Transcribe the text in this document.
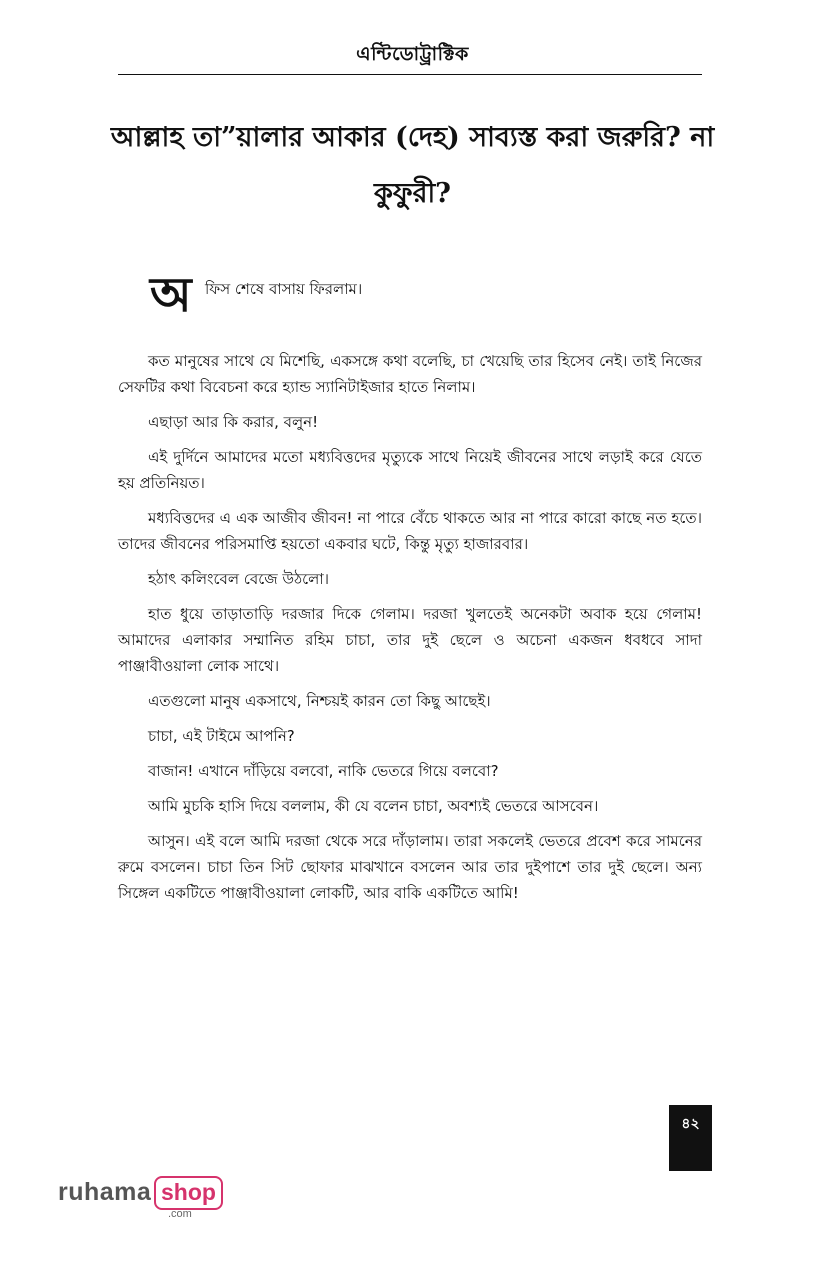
এন্টিডোট্ট্রাক্টিক
আল্লাহ তা”য়ালার আকার (দেহ) সাব্যস্ত করা জরুরি? না কুফুরী?
অ ফিস শেষে বাসায় ফিরলাম।

কত মানুষের সাথে যে মিশেছি, একসঙ্গে কথা বলেছি, চা খেয়েছি তার হিসেব নেই। তাই নিজের সেফটির কথা বিবেচনা করে হ্যান্ড স্যানিটাইজার হাতে নিলাম।

এছাড়া আর কি করার, বলুন!

এই দুর্দিনে আমাদের মতো মধ্যবিত্তদের মৃত্যুকে সাথে নিয়েই জীবনের সাথে লড়াই করে যেতে হয় প্রতিনিয়ত।

মধ্যবিত্তদের এ এক আজীব জীবন! না পারে বেঁচে থাকতে আর না পারে কারো কাছে নত হতে। তাদের জীবনের পরিসমাপ্তি হয়তো একবার ঘটে, কিন্তু মৃত্যু হাজারবার।

হঠাৎ কলিংবেল বেজে উঠলো।

হাত ধুয়ে তাড়াতাড়ি দরজার দিকে গেলাম। দরজা খুলতেই অনেকটা অবাক হয়ে গেলাম! আমাদের এলাকার সম্মানিত রহিম চাচা, তার দুই ছেলে ও অচেনা একজন ধবধবে সাদা পাঞ্জাবীওয়ালা লোক সাথে।

এতগুলো মানুষ একসাথে, নিশ্চয়ই কারন তো কিছু আছেই।

চাচা, এই টাইমে আপনি?

বাজান! এখানে দাঁড়িয়ে বলবো, নাকি ভেতরে গিয়ে বলবো?

আমি মুচকি হাসি দিয়ে বললাম, কী যে বলেন চাচা, অবশ্যই ভেতরে আসবেন।

আসুন। এই বলে আমি দরজা থেকে সরে দাঁড়ালাম। তারা সকলেই ভেতরে প্রবেশ করে সামনের রুমে বসলেন। চাচা তিন সিট ছোফার মাঝখানে বসলেন আর তার দুইপাশে তার দুই ছেলে। অন্য সিঙ্গেল একটিতে পাঞ্জাবীওয়ালা লোকটি, আর বাকি একটিতে আমি!

৪২
ruhama shop
.com
